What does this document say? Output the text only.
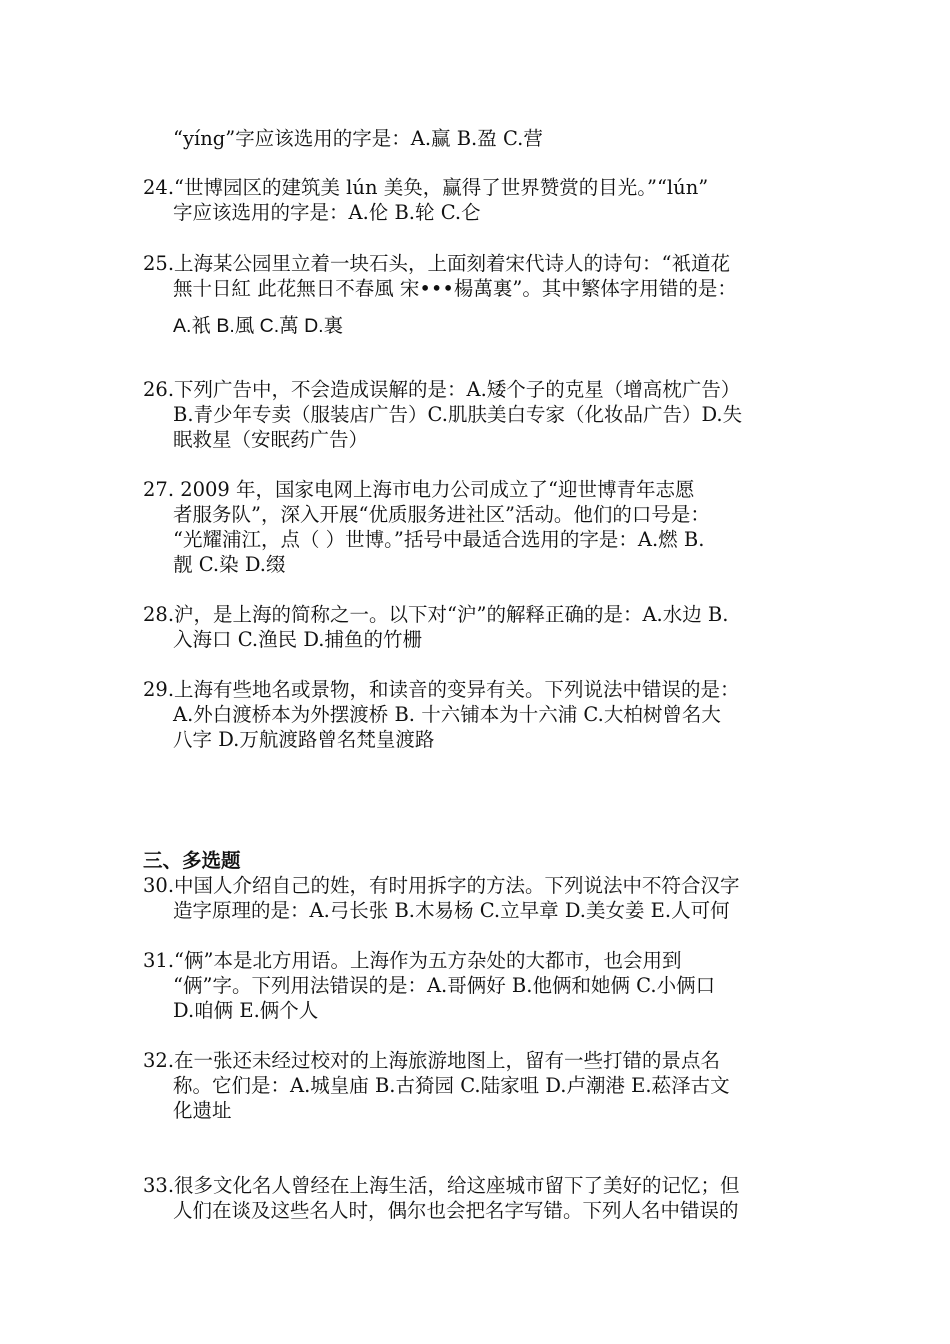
“yíng”字应该选用的字是：A.赢 B.盈 C.营
24.“世博园区的建筑美 lún 美奂，赢得了世界赞赏的目光。”“lún”
字应该选用的字是：A.伦 B.轮 C.仑
25.上海某公园里立着一块石头，上面刻着宋代诗人的诗句：“衹道花
無十日紅 此花無日不春風 宋•••楊萬裏”。其中繁体字用错的是：
A.衹 B.風 C.萬 D.裏
26.下列广告中，不会造成误解的是：A.矮个子的克星（增高枕广告）
B.青少年专卖（服装店广告）C.肌肤美白专家（化妆品广告）D.失
眠救星（安眠药广告）
27. 2009 年，国家电网上海市电力公司成立了“迎世博青年志愿
者服务队”，深入开展“优质服务进社区”活动。他们的口号是：
“光耀浦江，点（ ）世博。”括号中最适合选用的字是：A.燃 B.
靓 C.染 D.缀
28.沪，是上海的简称之一。以下对“沪”的解释正确的是：A.水边 B.
入海口 C.渔民 D.捕鱼的竹栅
29.上海有些地名或景物，和读音的变异有关。下列说法中错误的是：
A.外白渡桥本为外摆渡桥 B. 十六铺本为十六浦 C.大柏树曾名大
八字 D.万航渡路曾名梵皇渡路
三、多选题
30.中国人介绍自己的姓，有时用拆字的方法。下列说法中不符合汉字
造字原理的是：A.弓长张 B.木易杨 C.立早章 D.美女姜 E.人可何
31.“俩”本是北方用语。上海作为五方杂处的大都市，也会用到
“俩”字。下列用法错误的是：A.哥俩好 B.他俩和她俩 C.小俩口
D.咱俩 E.俩个人
32.在一张还未经过校对的上海旅游地图上，留有一些打错的景点名
称。它们是：A.城皇庙 B.古猗园 C.陆家咀 D.卢潮港 E.菘泽古文
化遗址
33.很多文化名人曾经在上海生活，给这座城市留下了美好的记忆；但
人们在谈及这些名人时，偶尔也会把名字写错。下列人名中错误的
